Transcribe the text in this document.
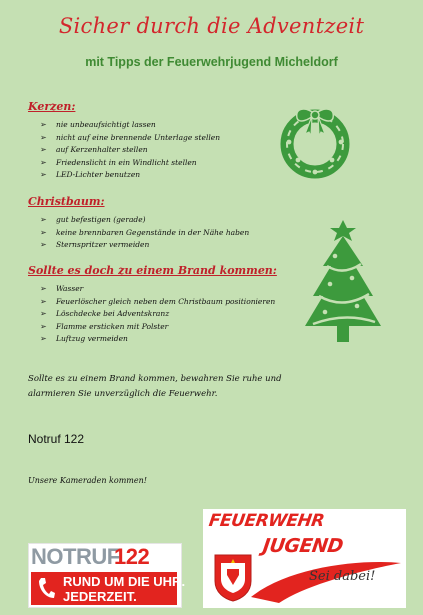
Sicher durch die Adventzeit
mit Tipps der Feuerwehrjugend Micheldorf
Kerzen:
➢ nie unbeaufsichtigt lassen
➢ nicht auf eine brennende Unterlage stellen
➢ auf Kerzenhalter stellen
➢ Friedenslicht in ein Windlicht stellen
➢ LED-Lichter benutzen
Christbaum:
➢ gut befestigen (gerade)
➢ keine brennbaren Gegenstände in der Nähe haben
➢ Sternspritzer vermeiden
Sollte es doch zu einem Brand kommen:
➢ Wasser
➢ Feuerlöscher gleich neben dem Christbaum positionieren
➢ Löschdecke bei Adventskranz
➢ Flamme ersticken mit Polster
➢ Luftzug vermeiden
Sollte es zu einem Brand kommen, bewahren Sie ruhe und alarmieren Sie unverzüglich die Feuerwehr.
Notruf 122
Unsere Kameraden kommen!
NOTRUF
122
RUND UM DIE UHR.
JEDERZEIT.
FEUERWEHR
JUGEND
Sei dabei!
